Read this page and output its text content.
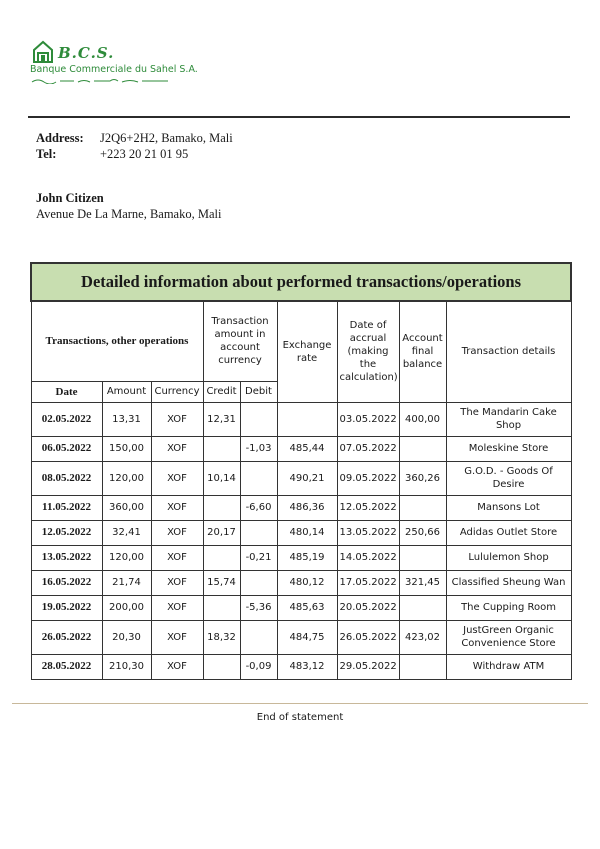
B.C.S.
Banque Commerciale du Sahel S.A.
Address:	J2Q6+2H2, Bamako, Mali
Tel:	+223 20 21 01 95
John Citizen
Avenue De La Marne, Bamako, Mali
Detailed information about performed transactions/operations								
Transactions, other operations			Transaction amount in account currency		Exchange rate	Date of accrual (making the calculation)	Account final balance	Transaction details
Date	Amount	Currency	Credit	Debit				
02.05.2022	13,31	XOF	12,31			03.05.2022	400,00	The Mandarin Cake Shop
06.05.2022	150,00	XOF		-1,03	485,44	07.05.2022		Moleskine Store
08.05.2022	120,00	XOF	10,14		490,21	09.05.2022	360,26	G.O.D. - Goods Of Desire
11.05.2022	360,00	XOF		-6,60	486,36	12.05.2022		Mansons Lot
12.05.2022	32,41	XOF	20,17		480,14	13.05.2022	250,66	Adidas Outlet Store
13.05.2022	120,00	XOF		-0,21	485,19	14.05.2022		Lululemon Shop
16.05.2022	21,74	XOF	15,74		480,12	17.05.2022	321,45	Classified Sheung Wan
19.05.2022	200,00	XOF		-5,36	485,63	20.05.2022		The Cupping Room
26.05.2022	20,30	XOF	18,32		484,75	26.05.2022	423,02	JustGreen Organic Convenience Store
28.05.2022	210,30	XOF		-0,09	483,12	29.05.2022		Withdraw ATM
End of statement
